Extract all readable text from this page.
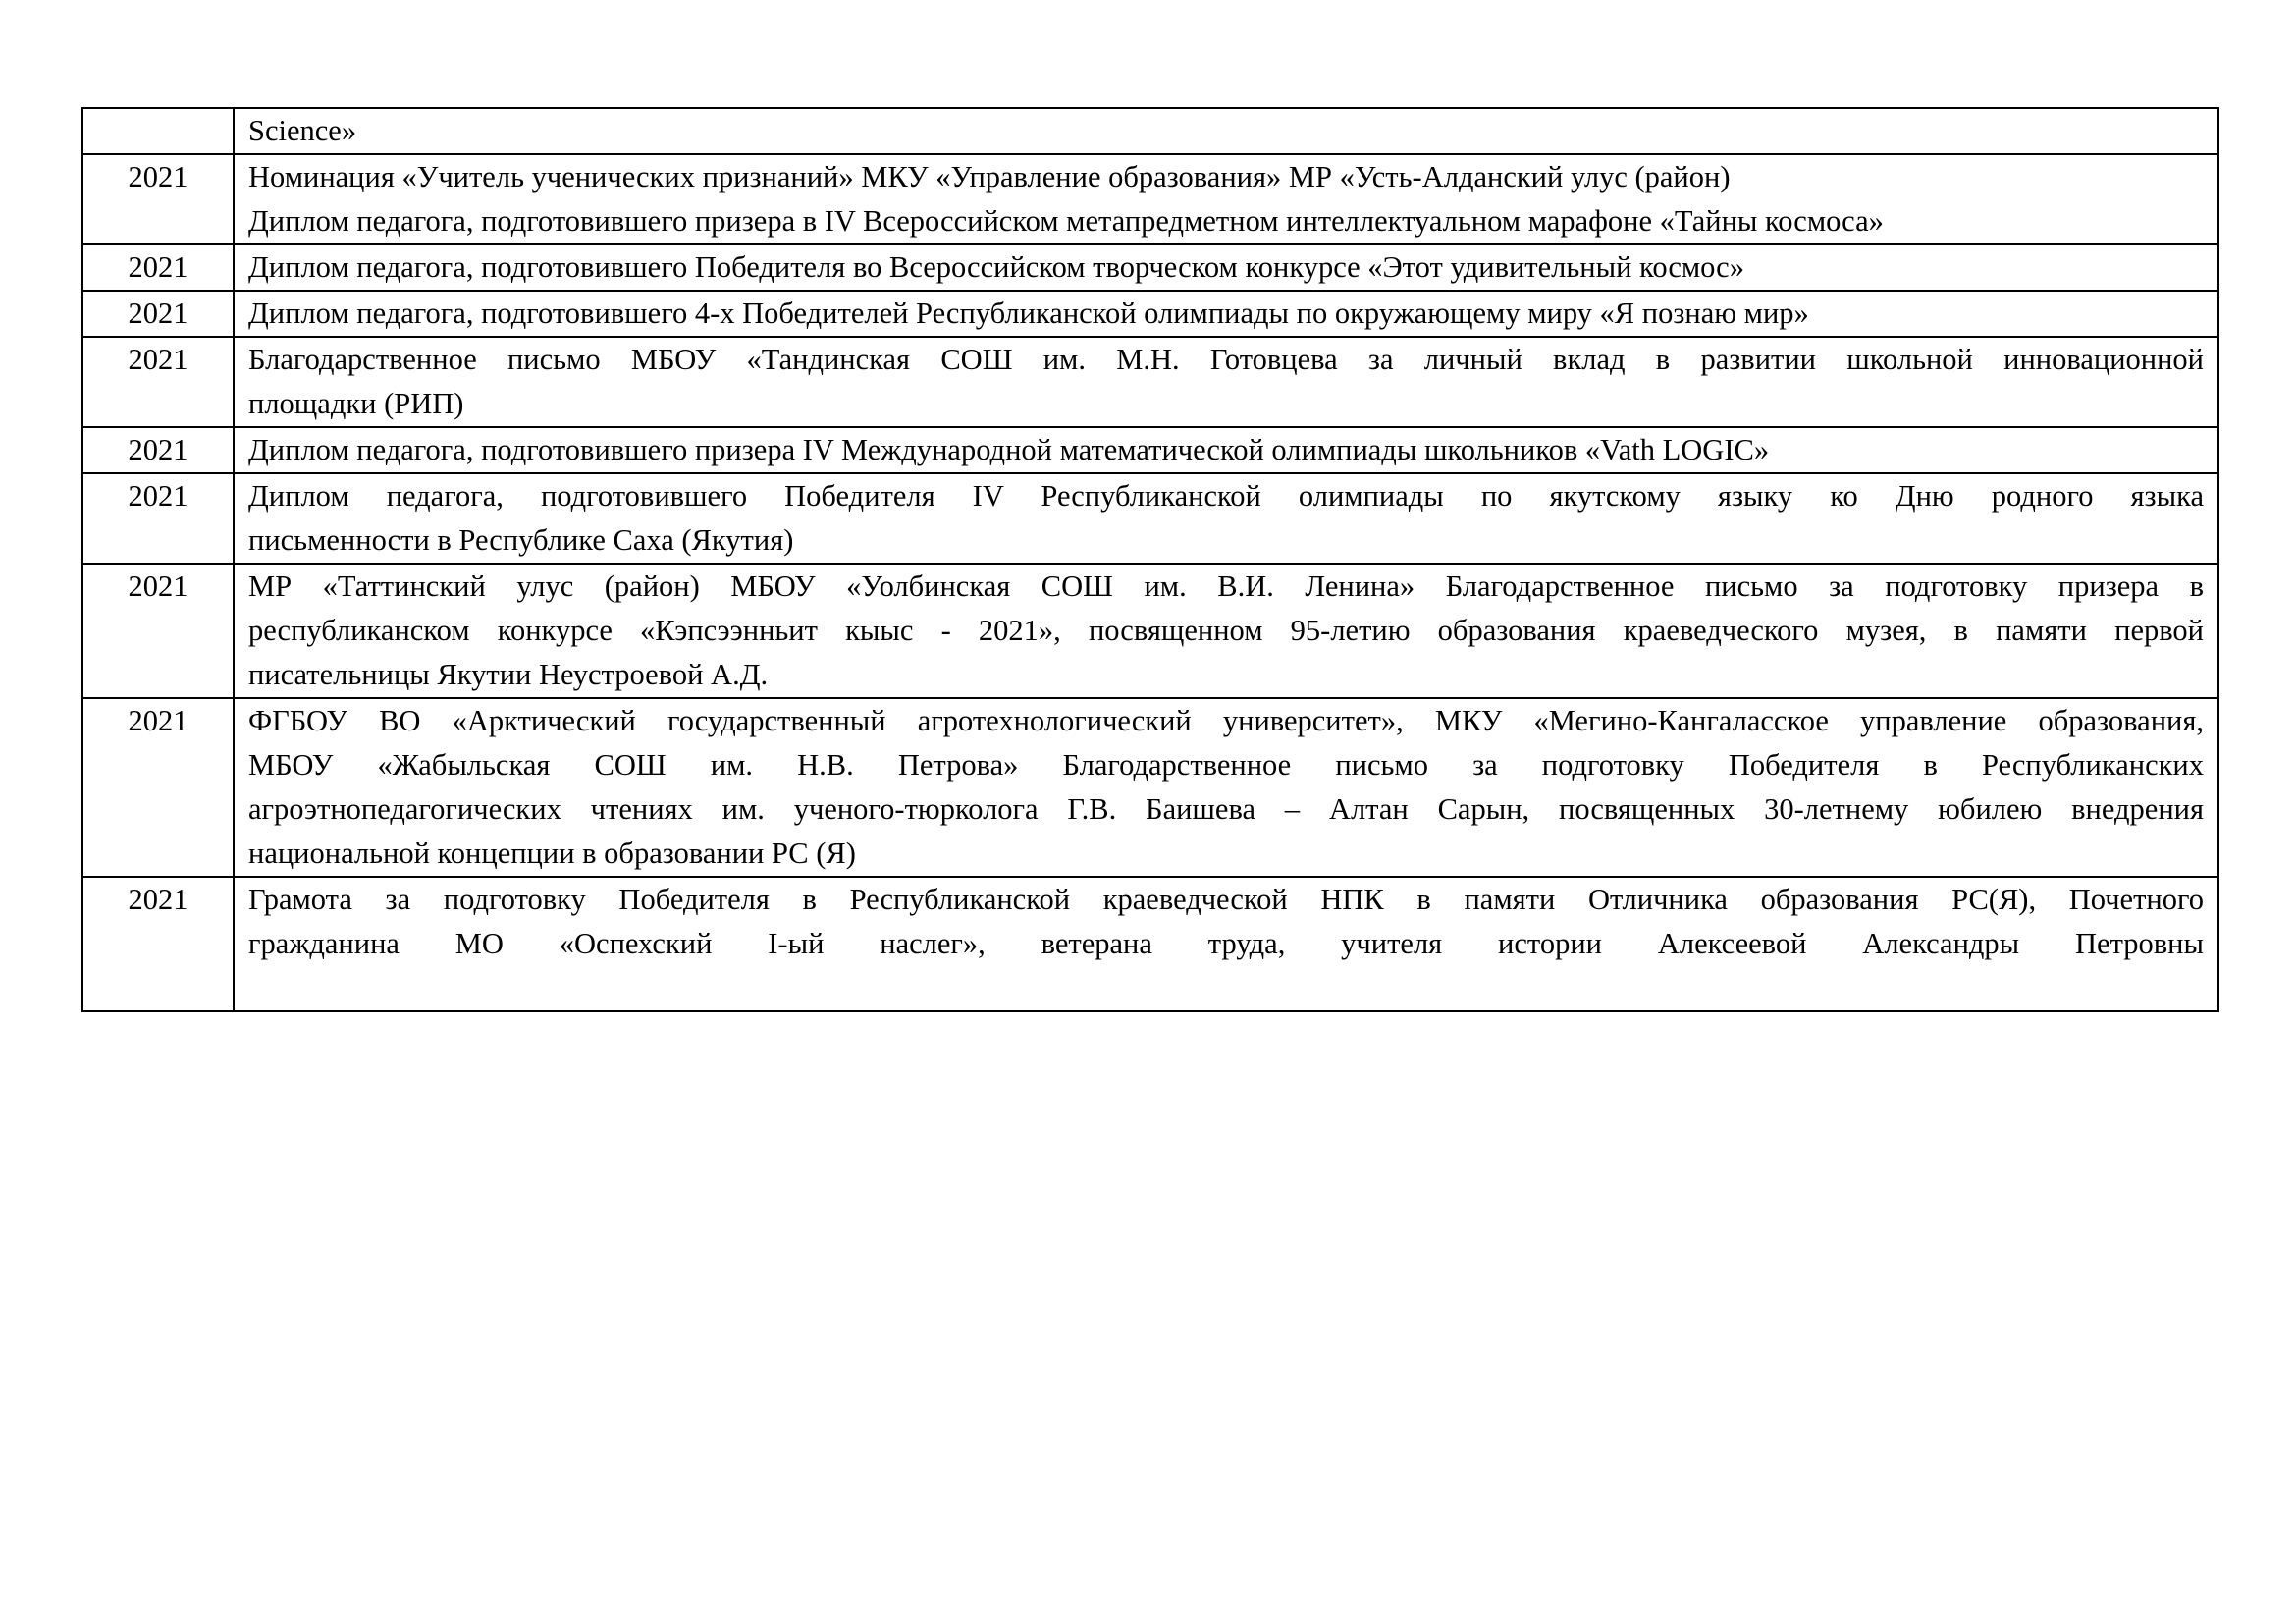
	Science»

2021	Номинация «Учитель ученических признаний» МКУ «Управление образования» МР «Усть-Алданский улус (район)
Диплом педагога, подготовившего призера в IV Всероссийском метапредметном интеллектуальном марафоне «Тайны космоса»

2021	Диплом педагога, подготовившего Победителя во Всероссийском творческом конкурсе «Этот удивительный космос»

2021	Диплом педагога, подготовившего 4-х Победителей Республиканской олимпиады по окружающему миру «Я познаю мир»

2021	Благодарственное письмо МБОУ «Тандинская СОШ им. М.Н. Готовцева за личный вклад в развитии школьной инновационной
площадки (РИП)

2021	Диплом педагога, подготовившего призера IV Международной математической олимпиады школьников «Vath LOGIC»

2021	Диплом педагога, подготовившего Победителя IV Республиканской олимпиады по якутскому языку ко Дню родного языка
письменности в Республике Саха (Якутия)

2021	МР «Таттинский улус (район) МБОУ «Уолбинская СОШ им. В.И. Ленина» Благодарственное письмо за подготовку призера в
республиканском конкурсе «Кэпсээнньит кыыс - 2021», посвященном 95-летию образования краеведческого музея, в памяти первой
писательницы Якутии Неустроевой А.Д.

2021	ФГБОУ ВО «Арктический государственный агротехнологический университет», МКУ «Мегино-Кангаласское управление образования,
МБОУ «Жабыльская СОШ им. Н.В. Петрова» Благодарственное письмо за подготовку Победителя в Республиканских
агроэтнопедагогических чтениях им. ученого-тюрколога Г.В. Баишева – Алтан Сарын, посвященных 30-летнему юбилею внедрения
национальной концепции в образовании РС (Я)

2021	Грамота за подготовку Победителя в Республиканской краеведческой НПК в памяти Отличника образования РС(Я), Почетного
гражданина МО «Оспехский I-ый наслег», ветерана труда, учителя истории Алексеевой Александры Петровны
